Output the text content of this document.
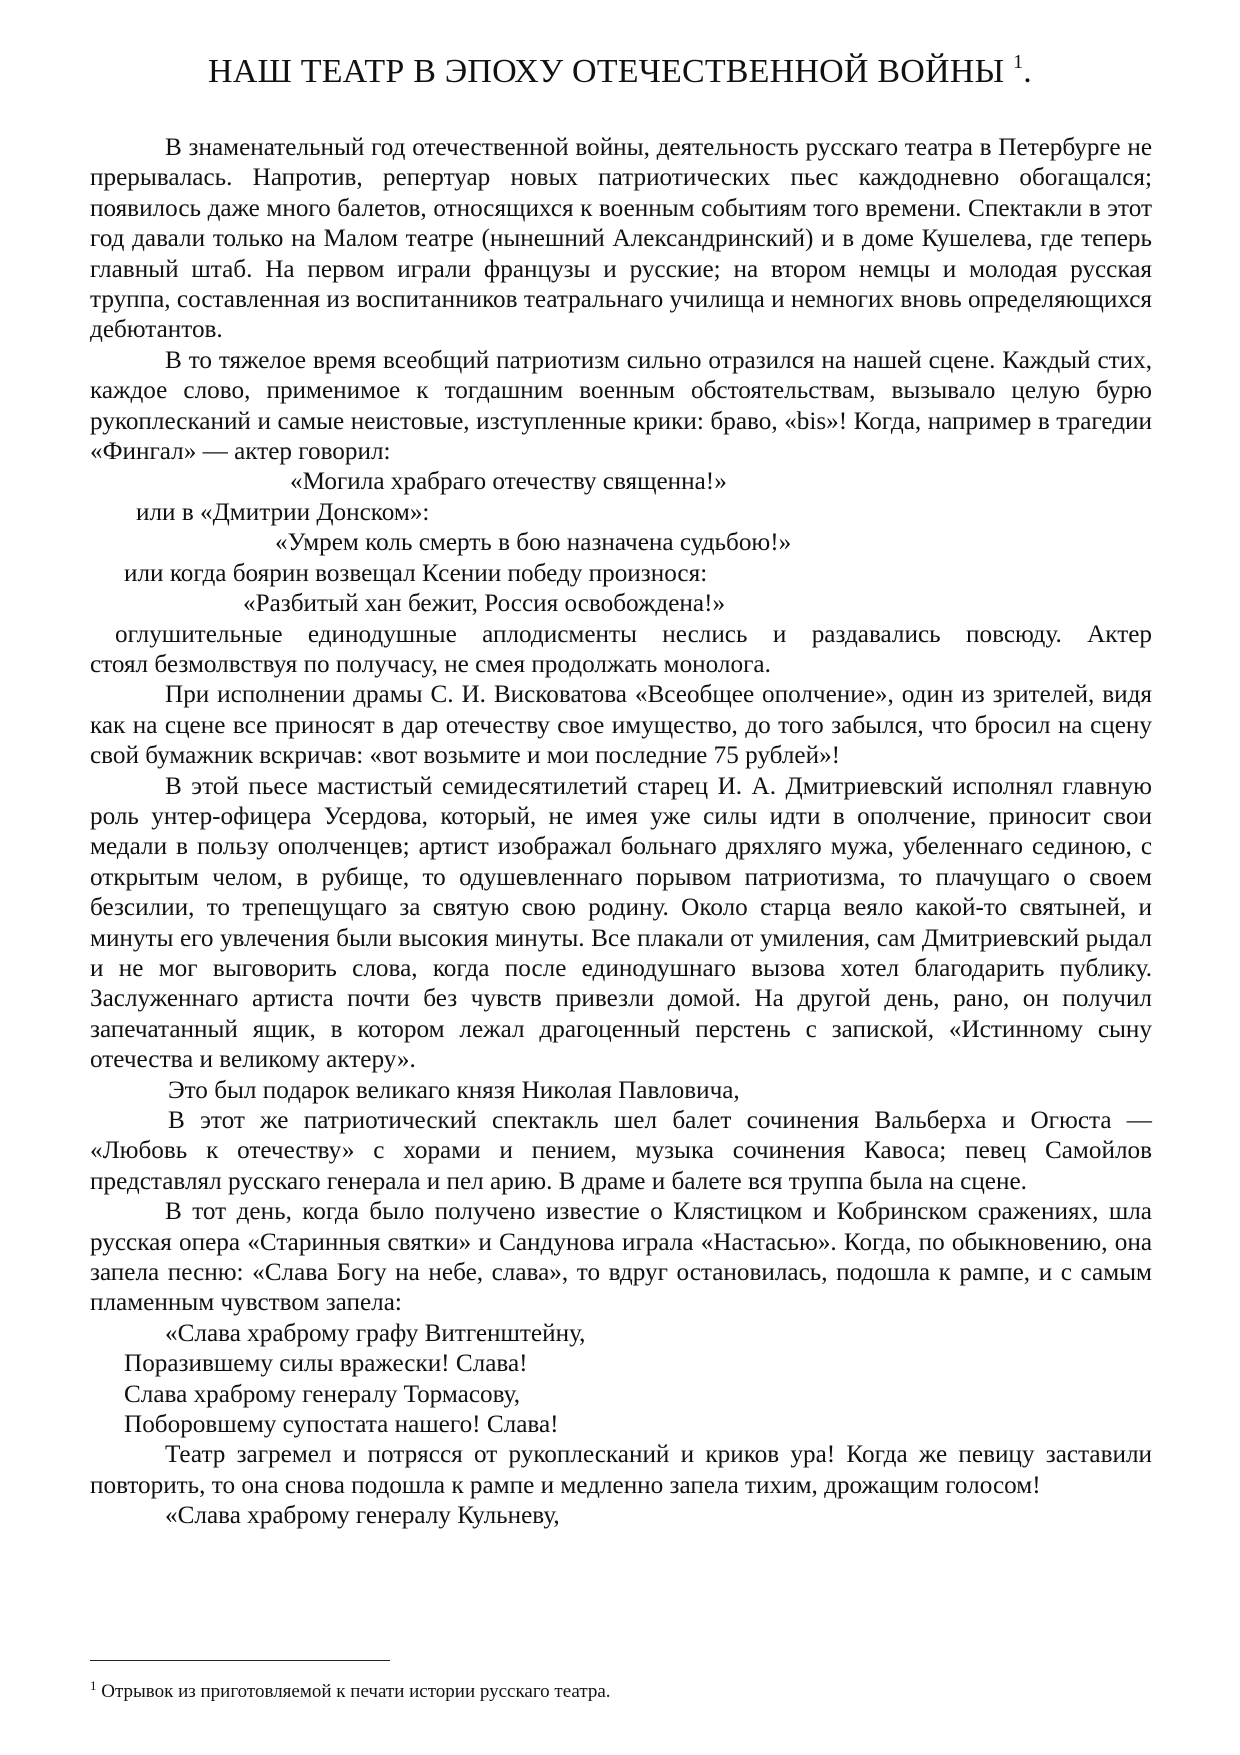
НАШ ТЕАТР В ЭПОХУ ОТЕЧЕСТВЕННОЙ ВОЙНЫ $^1$.

В знаменательный год отечественной войны, деятельность русскаго театра в Петербурге не прерывалась. Напротив, репертуар новых патриотических пьес каждодневно обогащался; появилось даже много балетов, относящихся к военным событиям того времени. Спектакли в этот год давали только на Малом театре (нынешний Александринский) и в доме Кушелева, где теперь главный штаб. На первом играли французы и русские; на втором немцы и молодая русская труппа, составленная из воспитанников театральнаго училища и немногих вновь определяющихся дебютантов.

В то тяжелое время всеобщий патриотизм сильно отразился на нашей сцене. Каждый стих, каждое слово, применимое к тогдашним военным обстоятельствам, вызывало целую бурю рукоплесканий и самые неистовые, изступленные крики: браво, «bis»! Когда, например в трагедии «Фингал» — актер говорил:

«Могила храбраго отечеству священна!»

или в «Дмитрии Донском»:

«Умрем коль смерть в бою назначена судьбою!»

или когда боярин возвещал Ксении победу произнося:

«Разбитый хан бежит, Россия освобождена!»

оглушительные единодушные аплодисменты неслись и раздавались повсюду. Актер

стоял безмолвствуя по получасу, не смея продолжать монолога.

При исполнении драмы С. И. Висковатова «Всеобщее ополчение», один из зрителей, видя как на сцене все приносят в дар отечеству свое имущество, до того забылся, что бросил на сцену свой бумажник вскричав: «вот возьмите и мои последние 75 рублей»!

В этой пьесе мастистый семидесятилетий старец И. А. Дмитриевский исполнял главную роль унтер-офицера Усердова, который, не имея уже силы идти в ополчение, приносит свои медали в пользу ополченцев; артист изображал больнаго дряхляго мужа, убеленнаго сединою, с открытым челом, в рубище, то одушевленнаго порывом патриотизма, то плачущаго о своем безсилии, то трепещущаго за святую свою родину. Около старца веяло какой-то святыней, и минуты его увлечения были высокия минуты. Все плакали от умиления, сам Дмитриевский рыдал и не мог выговорить слова, когда после единодушнаго вызова хотел благодарить публику. Заслуженнаго артиста почти без чувств привезли домой. На другой день, рано, он получил запечатанный ящик, в котором лежал драгоценный перстень с запиской, «Истинному сыну отечества и великому актеру».

Это был подарок великаго князя Николая Павловича,

В этот же патриотический спектакль шел балет сочинения Вальберха и Огюста — «Любовь к отечеству» с хорами и пением, музыка сочинения Кавоса; певец Самойлов представлял русскаго генерала и пел арию. В драме и балете вся труппа была на сцене.

В тот день, когда было получено известие о Клястицком и Кобринском сражениях, шла русская опера «Старинныя святки» и Сандунова играла «Настасью». Когда, по обыкновению, она запела песню: «Слава Богу на небе, слава», то вдруг остановилась, подошла к рампе, и с самым пламенным чувством запела:

«Слава храброму графу Витгенштейну,

Поразившему силы вражески! Слава!

Слава храброму генералу Тормасову,

Поборовшему супостата нашего! Слава!

Театр загремел и потрясся от рукоплесканий и криков ура! Когда же певицу заставили повторить, то она снова подошла к рампе и медленно запела тихим, дрожащим голосом!

«Слава храброму генералу Кульневу,

$^1$ Отрывок из приготовляемой к печати истории русскаго театра.
